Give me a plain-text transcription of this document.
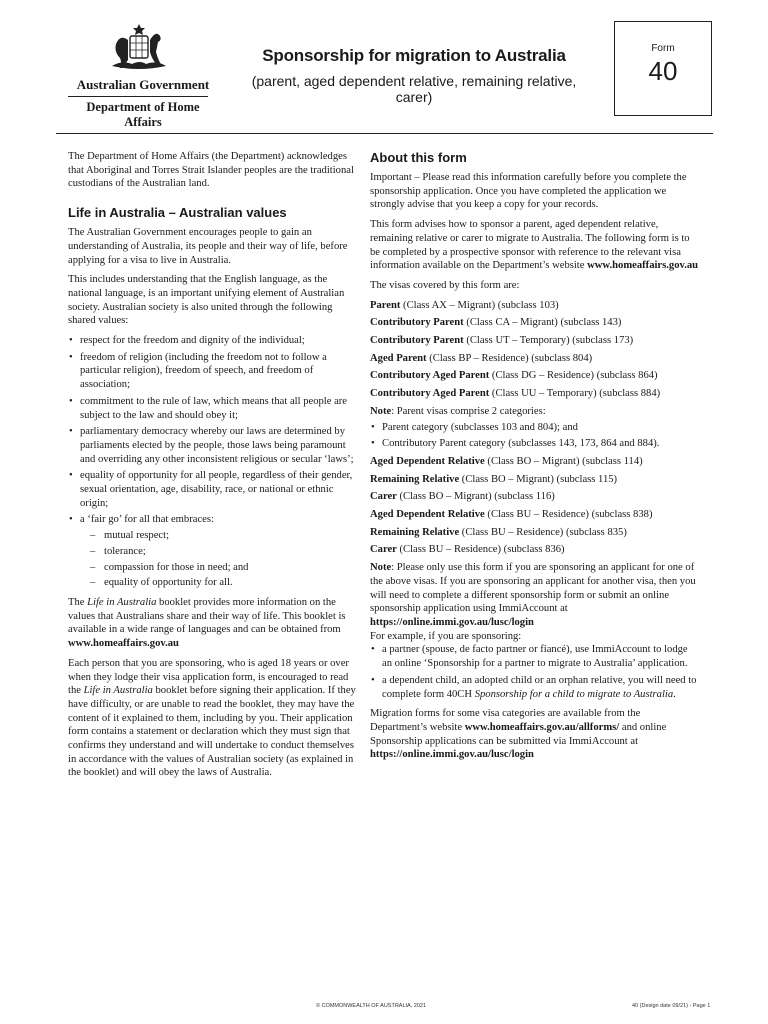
Australian Government
Department of Home Affairs
Sponsorship for migration to Australia
(parent, aged dependent relative, remaining relative, carer)
Form
40

The Department of Home Affairs (the Department) acknowledges that Aboriginal and Torres Strait Islander peoples are the traditional custodians of the Australian land.

Life in Australia – Australian values

The Australian Government encourages people to gain an understanding of Australia, its people and their way of life, before applying for a visa to live in Australia.

This includes understanding that the English language, as the national language, is an important unifying element of Australian society. Australian society is also united through the following shared values:

• respect for the freedom and dignity of the individual;
• freedom of religion (including the freedom not to follow a particular religion), freedom of speech, and freedom of association;
• commitment to the rule of law, which means that all people are subject to the law and should obey it;
• parliamentary democracy whereby our laws are determined by parliaments elected by the people, those laws being paramount and overriding any other inconsistent religious or secular ‘laws’;
• equality of opportunity for all people, regardless of their gender, sexual orientation, age, disability, race, or national or ethnic origin;
• a ‘fair go’ for all that embraces:
– mutual respect;
– tolerance;
– compassion for those in need; and
– equality of opportunity for all.

The Life in Australia booklet provides more information on the values that Australians share and their way of life. This booklet is available in a wide range of languages and can be obtained from www.homeaffairs.gov.au

Each person that you are sponsoring, who is aged 18 years or over when they lodge their visa application form, is encouraged to read the Life in Australia booklet before signing their application. If they have difficulty, or are unable to read the booklet, they may have the content of it explained to them, including by you. Their application form contains a statement or declaration which they must sign that confirms they understand and will undertake to conduct themselves in accordance with the values of Australian society (as explained in the booklet) and will obey the laws of Australia.

About this form

Important – Please read this information carefully before you complete the sponsorship application. Once you have completed the application we strongly advise that you keep a copy for your records.

This form advises how to sponsor a parent, aged dependent relative, remaining relative or carer to migrate to Australia. The following form is to be completed by a prospective sponsor with reference to the relevant visa information available on the Department’s website www.homeaffairs.gov.au

The visas covered by this form are:

Parent (Class AX – Migrant) (subclass 103)

Contributory Parent (Class CA – Migrant) (subclass 143)

Contributory Parent (Class UT – Temporary) (subclass 173)

Aged Parent (Class BP – Residence) (subclass 804)

Contributory Aged Parent (Class DG – Residence) (subclass 864)

Contributory Aged Parent (Class UU – Temporary) (subclass 884)

Note: Parent visas comprise 2 categories:

• Parent category (subclasses 103 and 804); and
• Contributory Parent category (subclasses 143, 173, 864 and 884).

Aged Dependent Relative (Class BO – Migrant) (subclass 114)

Remaining Relative (Class BO – Migrant) (subclass 115)

Carer (Class BO – Migrant) (subclass 116)

Aged Dependent Relative (Class BU – Residence) (subclass 838)

Remaining Relative (Class BU – Residence) (subclass 835)

Carer (Class BU – Residence) (subclass 836)

Note: Please only use this form if you are sponsoring an applicant for one of the above visas. If you are sponsoring an applicant for another visa, then you will need to complete a different sponsorship form or submit an online sponsorship application using ImmiAccount at
https://online.immi.gov.au/lusc/login
For example, if you are sponsoring:

• a partner (spouse, de facto partner or fiancé), use ImmiAccount to lodge an online ‘Sponsorship for a partner to migrate to Australia’ application.
• a dependent child, an adopted child or an orphan relative, you will need to complete form 40CH Sponsorship for a child to migrate to Australia.

Migration forms for some visa categories are available from the Department’s website www.homeaffairs.gov.au/allforms/ and online Sponsorship applications can be submitted via ImmiAccount at https://online.immi.gov.au/lusc/login

© COMMONWEALTH OF AUSTRALIA, 2021	40 (Design date 09/21) - Page 1
